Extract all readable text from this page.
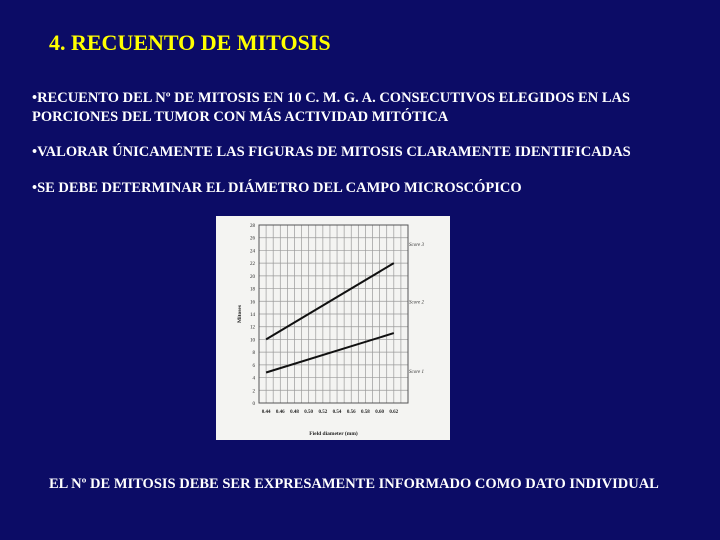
4. RECUENTO DE MITOSIS
•RECUENTO DEL Nº DE MITOSIS EN 10 C. M. G. A. CONSECUTIVOS ELEGIDOS EN LAS PORCIONES DEL TUMOR CON MÁS ACTIVIDAD MITÓTICA
•VALORAR ÚNICAMENTE LAS FIGURAS DE MITOSIS CLARAMENTE IDENTIFICADAS
•SE DEBE DETERMINAR EL DIÁMETRO DEL CAMPO MICROSCÓPICO
0
2
4
6
8
10
12
14
16
18
20
22
24
26
28
0.44 0.46 0.48 0.50 0.52 0.54 0.56 0.58 0.60 0.62
Field diameter (mm)
Mitoses
Score 1
Score 2
Score 3
EL Nº DE MITOSIS DEBE SER EXPRESAMENTE INFORMADO COMO DATO INDIVIDUAL
